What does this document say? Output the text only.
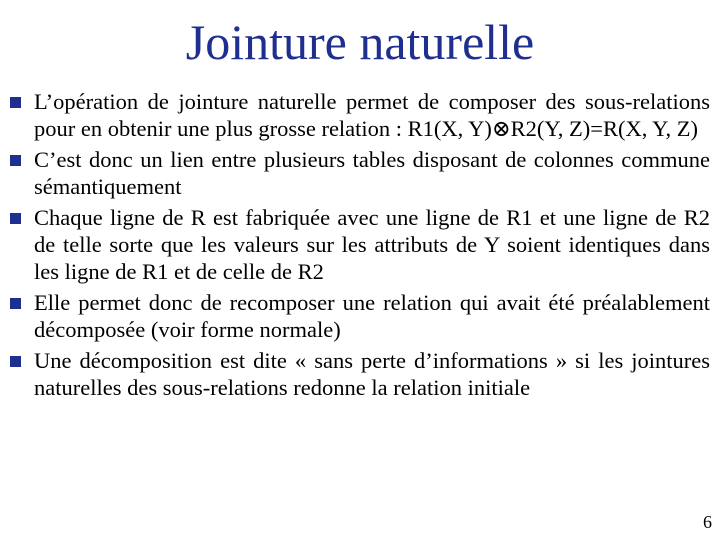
Jointure naturelle
L’opération de jointure naturelle permet de composer des sous-relations pour en obtenir une plus grosse relation : R1(X, Y)⊗R2(Y, Z)=R(X, Y, Z)
C’est donc un lien entre plusieurs tables disposant de colonnes commune sémantiquement
Chaque ligne de R est fabriquée avec une ligne de R1 et une ligne de R2 de telle sorte que les valeurs sur les attributs de Y soient identiques dans les ligne de R1 et de celle de R2
Elle permet donc de recomposer une relation qui avait été préalablement décomposée (voir forme normale)
Une décomposition est dite « sans perte d’informations » si les jointures naturelles des sous-relations redonne la relation initiale
6
